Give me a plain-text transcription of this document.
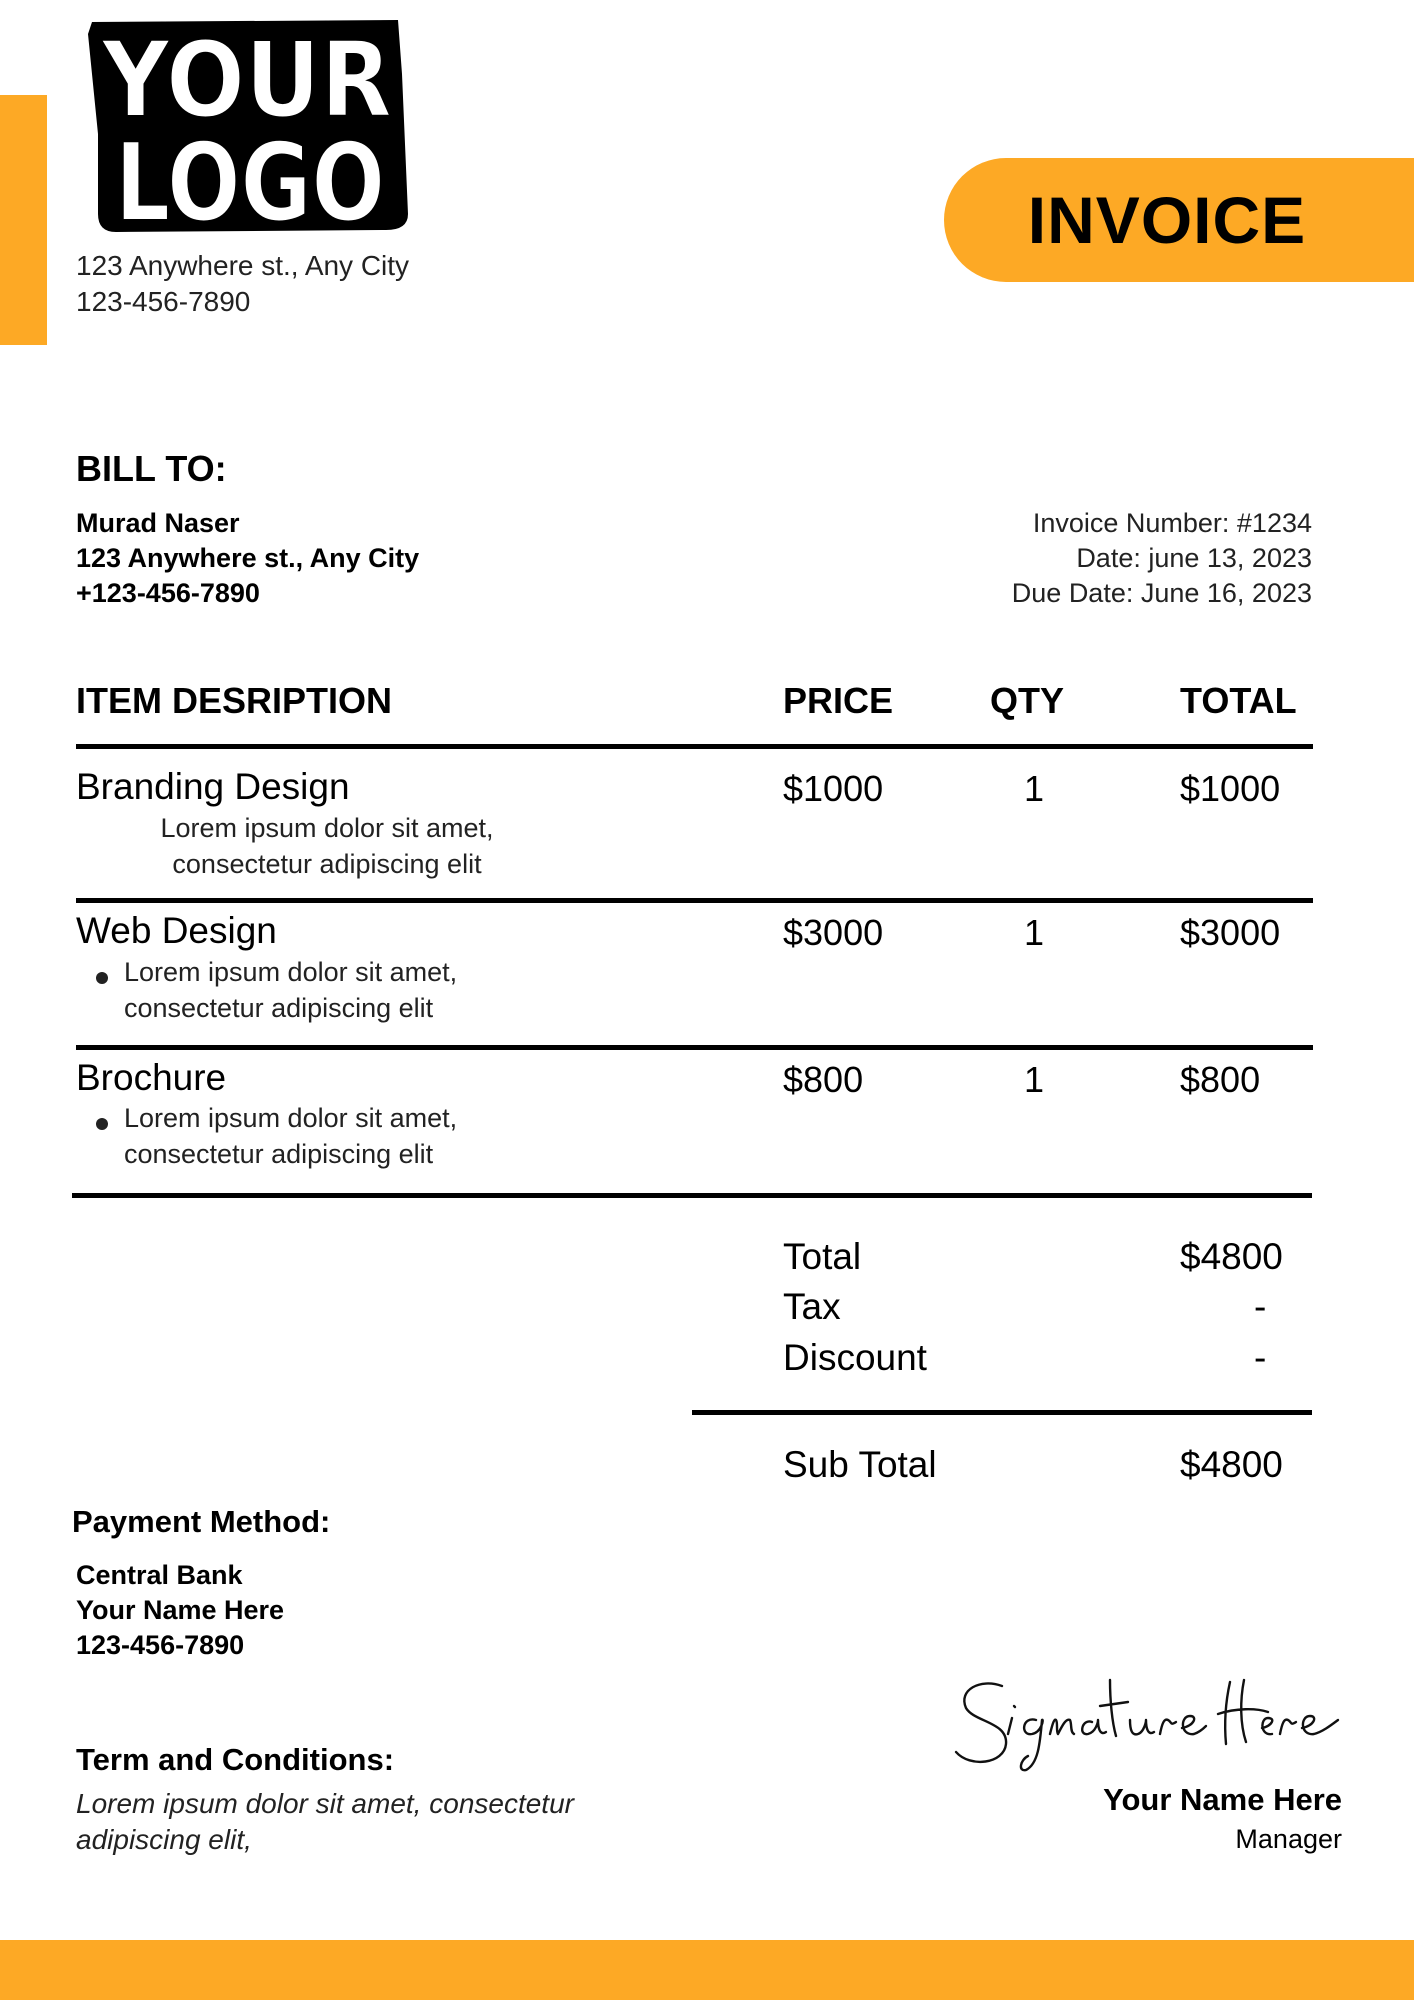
YOUR
LOGO
123 Anywhere st., Any City
123-456-7890
INVOICE
BILL TO:
Murad Naser
123 Anywhere st., Any City
+123-456-7890
Invoice Number: #1234
Date: june 13, 2023
Due Date: June 16, 2023
ITEM DESRIPTION	PRICE	QTY	TOTAL
Branding Design
Lorem ipsum dolor sit amet,
consectetur adipiscing elit
$1000	1	$1000
Web Design
Lorem ipsum dolor sit amet,
consectetur adipiscing elit
$3000	1	$3000
Brochure
Lorem ipsum dolor sit amet,
consectetur adipiscing elit
$800	1	$800
Total	$4800
Tax	-
Discount	-
Sub Total	$4800
Payment Method:
Central Bank
Your Name Here
123-456-7890
Term and Conditions:
Lorem ipsum dolor sit amet, consectetur adipiscing elit,
Your Name Here
Manager
